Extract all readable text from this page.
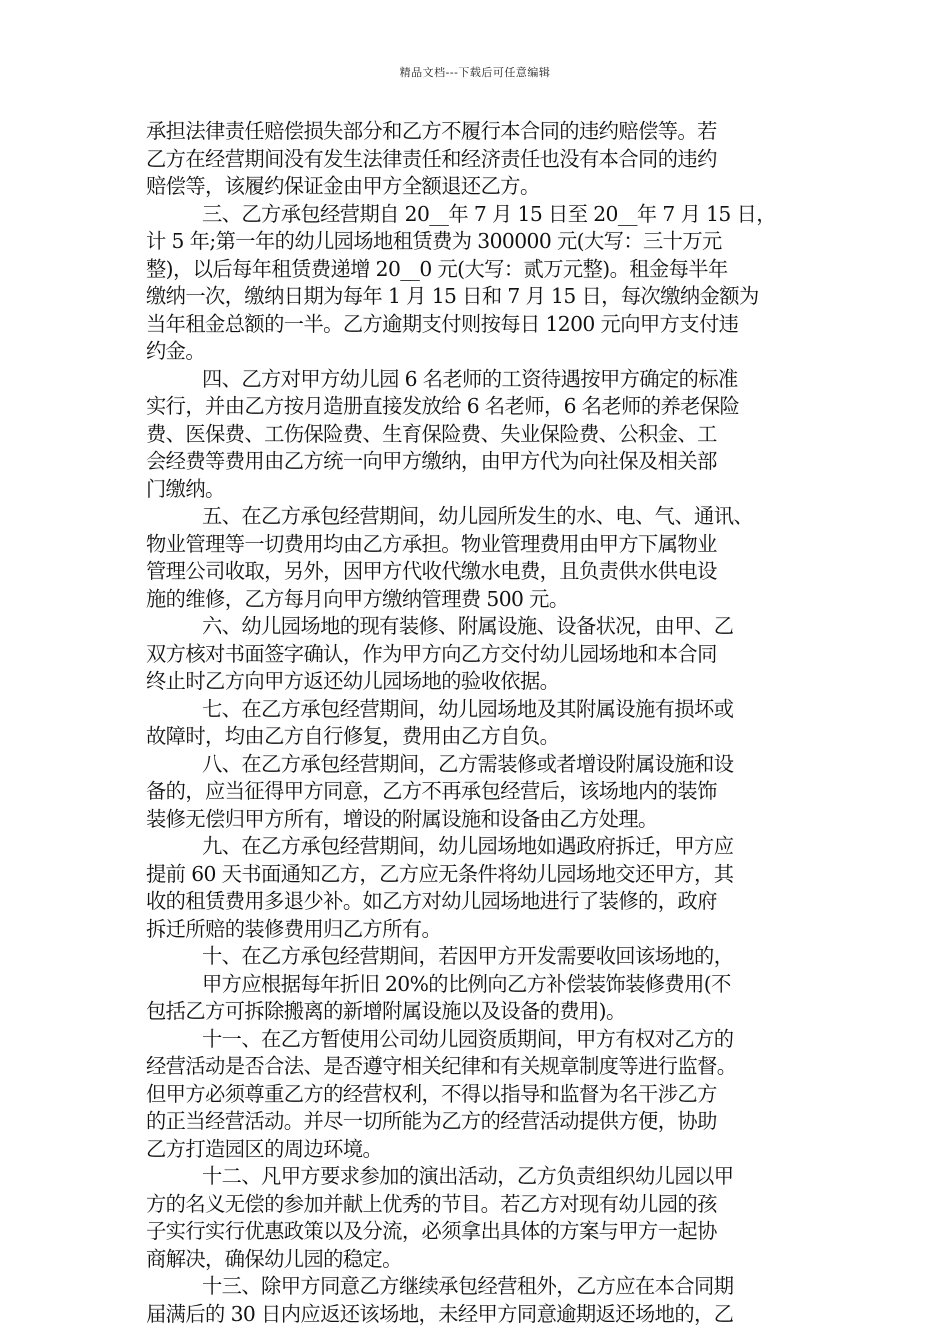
精品文档---下载后可任意编辑
承担法律责任赔偿损失部分和乙方不履行本合同的违约赔偿等。若
乙方在经营期间没有发生法律责任和经济责任也没有本合同的违约
赔偿等，该履约保证金由甲方全额退还乙方。
三、乙方承包经营期自 20__年 7 月 15 日至 20__年 7 月 15 日，
计 5 年;第一年的幼儿园场地租赁费为 300000 元(大写：三十万元
整)，以后每年租赁费递增 20__0 元(大写：贰万元整)。租金每半年
缴纳一次，缴纳日期为每年 1 月 15 日和 7 月 15 日，每次缴纳金额为
当年租金总额的一半。乙方逾期支付则按每日 1200 元向甲方支付违
约金。
四、乙方对甲方幼儿园 6 名老师的工资待遇按甲方确定的标准
实行，并由乙方按月造册直接发放给 6 名老师，6 名老师的养老保险
费、医保费、工伤保险费、生育保险费、失业保险费、公积金、工
会经费等费用由乙方统一向甲方缴纳，由甲方代为向社保及相关部
门缴纳。
五、在乙方承包经营期间，幼儿园所发生的水、电、气、通讯、
物业管理等一切费用均由乙方承担。物业管理费用由甲方下属物业
管理公司收取，另外，因甲方代收代缴水电费，且负责供水供电设
施的维修，乙方每月向甲方缴纳管理费 500 元。
六、幼儿园场地的现有装修、附属设施、设备状况，由甲、乙
双方核对书面签字确认，作为甲方向乙方交付幼儿园场地和本合同
终止时乙方向甲方返还幼儿园场地的验收依据。
七、在乙方承包经营期间，幼儿园场地及其附属设施有损坏或
故障时，均由乙方自行修复，费用由乙方自负。
八、在乙方承包经营期间，乙方需装修或者增设附属设施和设
备的，应当征得甲方同意，乙方不再承包经营后，该场地内的装饰
装修无偿归甲方所有，增设的附属设施和设备由乙方处理。
九、在乙方承包经营期间，幼儿园场地如遇政府拆迁，甲方应
提前 60 天书面通知乙方，乙方应无条件将幼儿园场地交还甲方，其
收的租赁费用多退少补。如乙方对幼儿园场地进行了装修的，政府
拆迁所赔的装修费用归乙方所有。
十、在乙方承包经营期间，若因甲方开发需要收回该场地的，
甲方应根据每年折旧 20%的比例向乙方补偿装饰装修费用(不
包括乙方可拆除搬离的新增附属设施以及设备的费用)。
十一、在乙方暂使用公司幼儿园资质期间，甲方有权对乙方的
经营活动是否合法、是否遵守相关纪律和有关规章制度等进行监督。
但甲方必须尊重乙方的经营权利，不得以指导和监督为名干涉乙方
的正当经营活动。并尽一切所能为乙方的经营活动提供方便，协助
乙方打造园区的周边环境。
十二、凡甲方要求参加的演出活动，乙方负责组织幼儿园以甲
方的名义无偿的参加并献上优秀的节目。若乙方对现有幼儿园的孩
子实行实行优惠政策以及分流，必须拿出具体的方案与甲方一起协
商解决，确保幼儿园的稳定。
十三、除甲方同意乙方继续承包经营租外，乙方应在本合同期
届满后的 30 日内应返还该场地，未经甲方同意逾期返还场地的，乙
